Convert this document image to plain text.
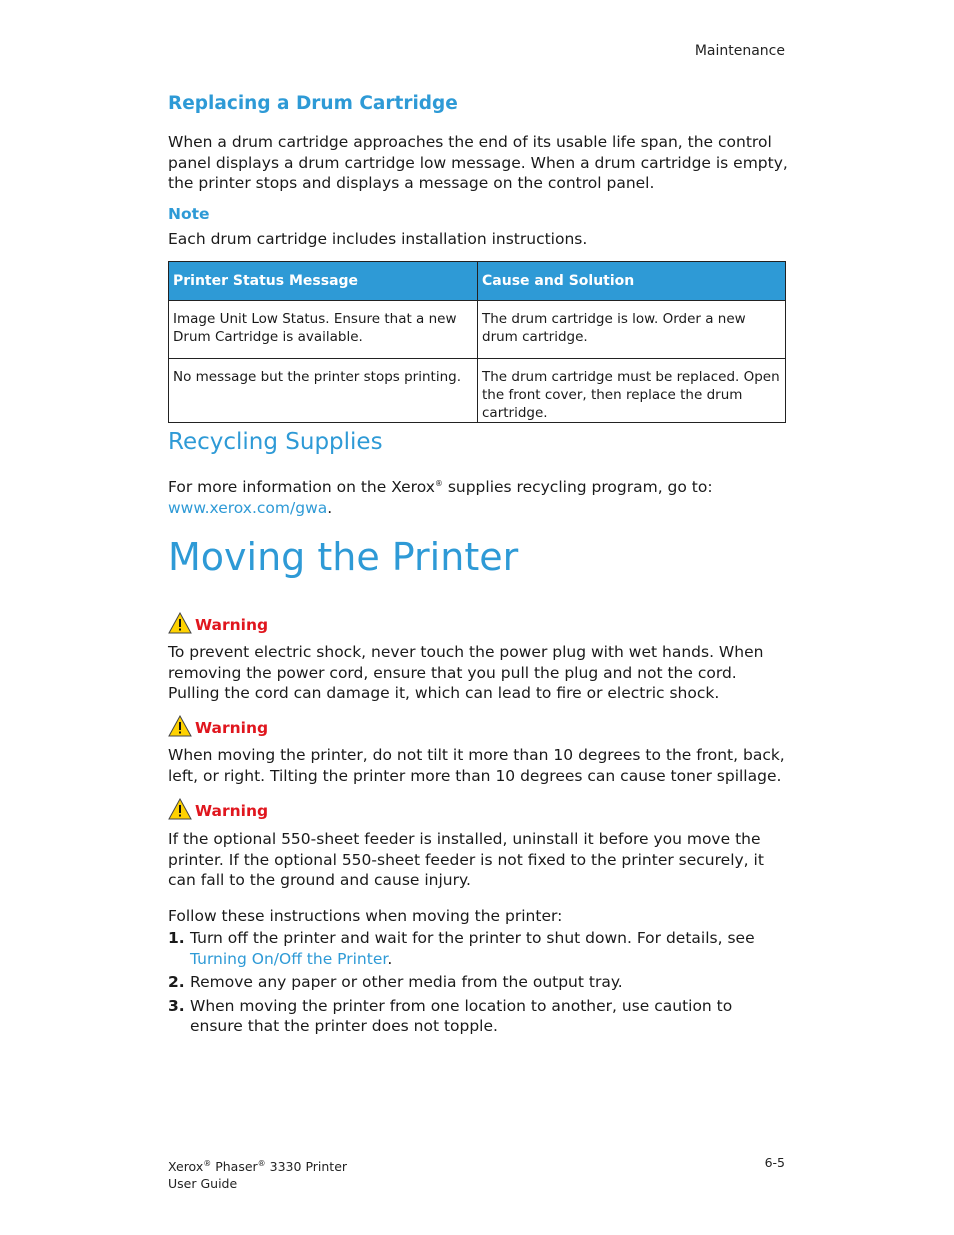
Maintenance
Replacing a Drum Cartridge
When a drum cartridge approaches the end of its usable life span, the control panel displays a drum cartridge low message. When a drum cartridge is empty, the printer stops and displays a message on the control panel.
Note
Each drum cartridge includes installation instructions.
Printer Status Message	Cause and Solution
Image Unit Low Status. Ensure that a new Drum Cartridge is available.	The drum cartridge is low. Order a new drum cartridge.
No message but the printer stops printing.	The drum cartridge must be replaced. Open the front cover, then replace the drum cartridge.
Recycling Supplies
For more information on the Xerox® supplies recycling program, go to:
www.xerox.com/gwa.
Moving the Printer
Warning
To prevent electric shock, never touch the power plug with wet hands. When removing the power cord, ensure that you pull the plug and not the cord. Pulling the cord can damage it, which can lead to fire or electric shock.
Warning
When moving the printer, do not tilt it more than 10 degrees to the front, back, left, or right. Tilting the printer more than 10 degrees can cause toner spillage.
Warning
If the optional 550-sheet feeder is installed, uninstall it before you move the printer. If the optional 550-sheet feeder is not fixed to the printer securely, it can fall to the ground and cause injury.
Follow these instructions when moving the printer:
1. Turn off the printer and wait for the printer to shut down. For details, see Turning On/Off the Printer.
2. Remove any paper or other media from the output tray.
3. When moving the printer from one location to another, use caution to ensure that the printer does not topple.
Xerox® Phaser® 3330 Printer
User Guide
6-5
